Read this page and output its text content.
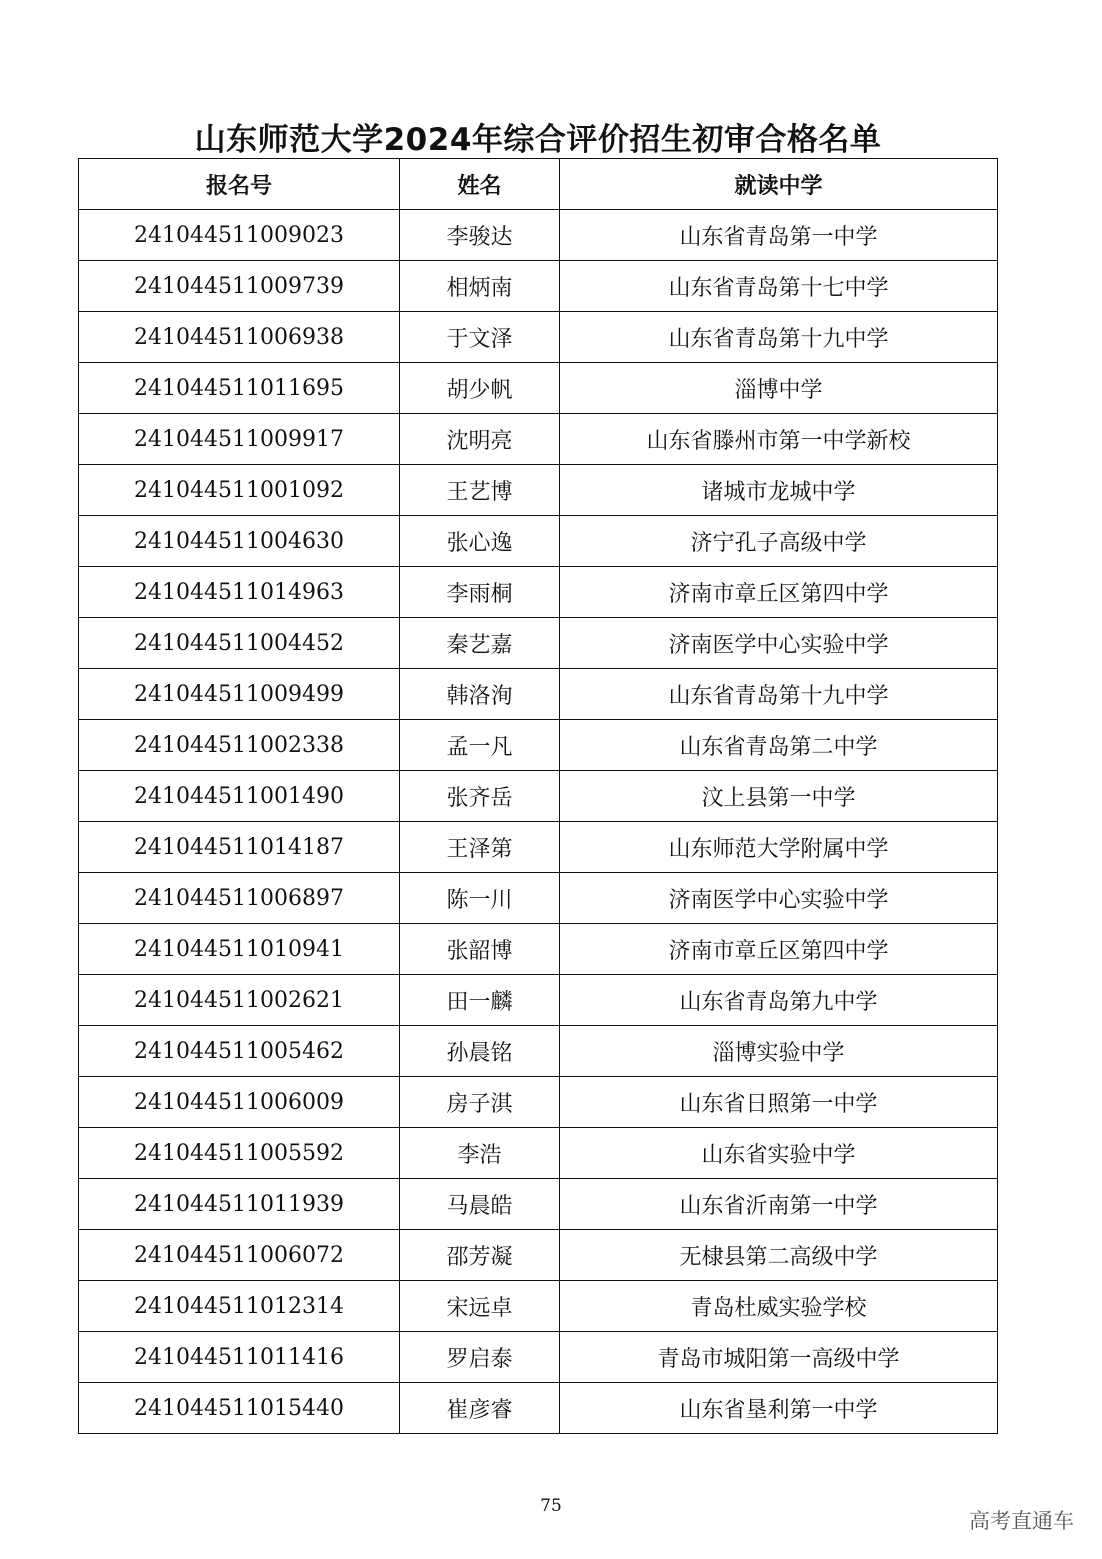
山东师范大学2024年综合评价招生初审合格名单
报名号	姓名	就读中学
241044511009023	李骏达	山东省青岛第一中学
241044511009739	相炳南	山东省青岛第十七中学
241044511006938	于文泽	山东省青岛第十九中学
241044511011695	胡少帆	淄博中学
241044511009917	沈明亮	山东省滕州市第一中学新校
241044511001092	王艺博	诸城市龙城中学
241044511004630	张心逸	济宁孔子高级中学
241044511014963	李雨桐	济南市章丘区第四中学
241044511004452	秦艺嘉	济南医学中心实验中学
241044511009499	韩洛洵	山东省青岛第十九中学
241044511002338	孟一凡	山东省青岛第二中学
241044511001490	张齐岳	汶上县第一中学
241044511014187	王泽第	山东师范大学附属中学
241044511006897	陈一川	济南医学中心实验中学
241044511010941	张韶博	济南市章丘区第四中学
241044511002621	田一麟	山东省青岛第九中学
241044511005462	孙晨铭	淄博实验中学
241044511006009	房子淇	山东省日照第一中学
241044511005592	李浩	山东省实验中学
241044511011939	马晨皓	山东省沂南第一中学
241044511006072	邵芳凝	无棣县第二高级中学
241044511012314	宋远卓	青岛杜威实验学校
241044511011416	罗启泰	青岛市城阳第一高级中学
241044511015440	崔彦睿	山东省垦利第一中学
75
高考直通车
